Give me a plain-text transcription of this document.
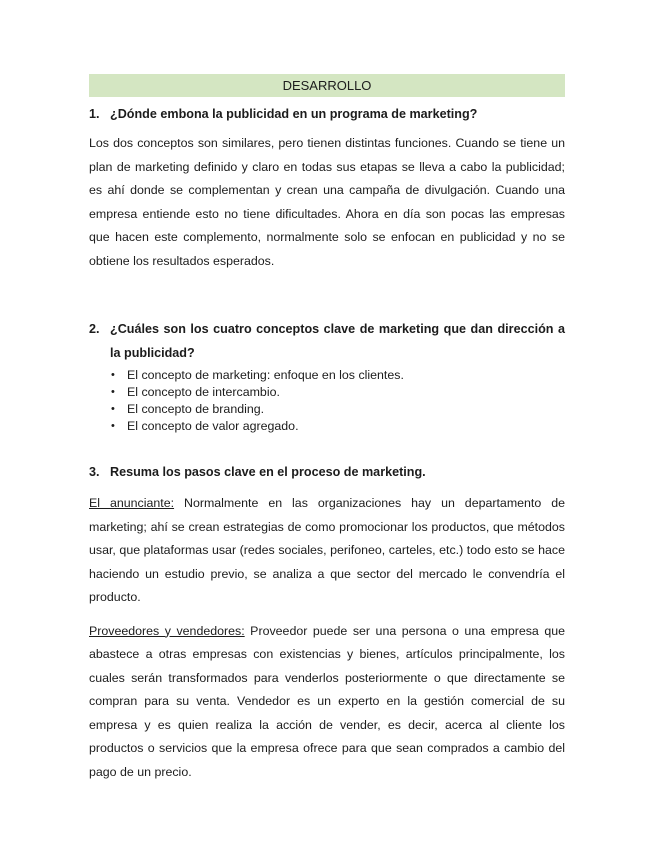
DESARROLLO
1. ¿Dónde embona la publicidad en un programa de marketing?

Los dos conceptos son similares, pero tienen distintas funciones. Cuando se tiene un plan de marketing definido y claro en todas sus etapas se lleva a cabo la publicidad; es ahí donde se complementan y crean una campaña de divulgación. Cuando una empresa entiende esto no tiene dificultades. Ahora en día son pocas las empresas que hacen este complemento, normalmente solo se enfocan en publicidad y no se obtiene los resultados esperados.

2. ¿Cuáles son los cuatro conceptos clave de marketing que dan dirección a la publicidad?
• El concepto de marketing: enfoque en los clientes.
• El concepto de intercambio.
• El concepto de branding.
• El concepto de valor agregado.
3. Resuma los pasos clave en el proceso de marketing.

El anunciante: Normalmente en las organizaciones hay un departamento de marketing; ahí se crean estrategias de como promocionar los productos, que métodos usar, que plataformas usar (redes sociales, perifoneo, carteles, etc.) todo esto se hace haciendo un estudio previo, se analiza a que sector del mercado le convendría el producto.

Proveedores y vendedores: Proveedor puede ser una persona o una empresa que abastece a otras empresas con existencias y bienes, artículos principalmente, los cuales serán transformados para venderlos posteriormente o que directamente se compran para su venta. Vendedor es un experto en la gestión comercial de su empresa y es quien realiza la acción de vender, es decir, acerca al cliente los productos o servicios que la empresa ofrece para que sean comprados a cambio del pago de un precio.
